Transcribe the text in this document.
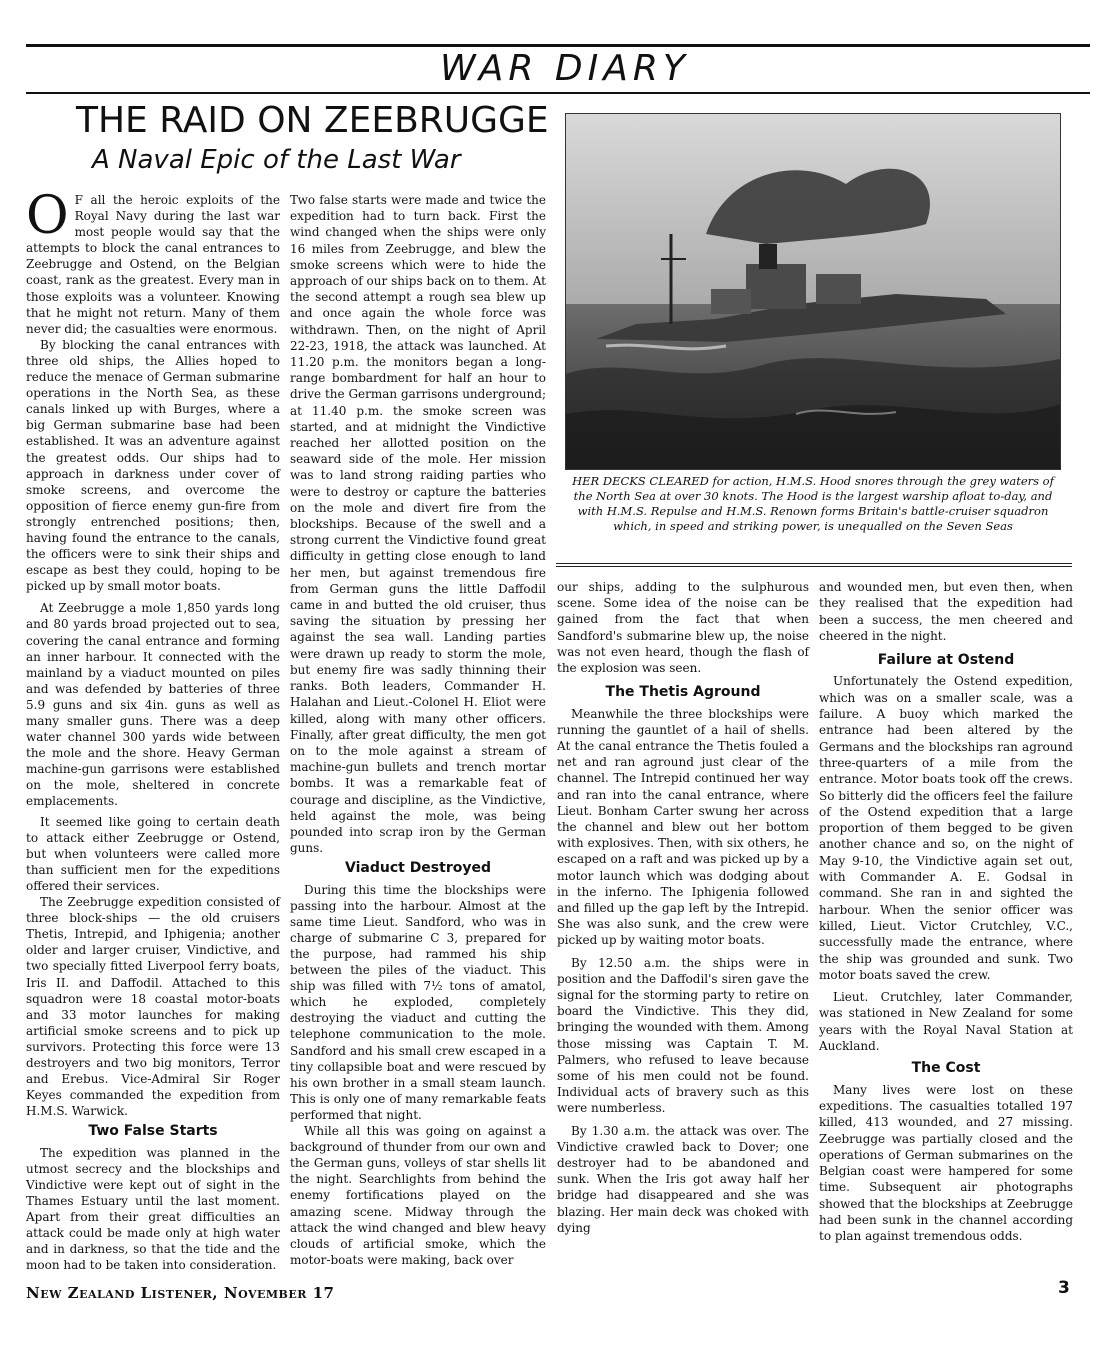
WAR DIARY
THE RAID ON ZEEBRUGGE
A Naval Epic of the Last War

O F all the heroic exploits of the Royal Navy during the last war most people would say that the attempts to block the canal entrances to Zeebrugge and Ostend, on the Belgian coast, rank as the greatest. Every man in those exploits was a volunteer. Knowing that he might not return. Many of them never did; the casualties were enormous.

By blocking the canal entrances with three old ships, the Allies hoped to reduce the menace of German submarine operations in the North Sea, as these canals linked up with Burges, where a big German submarine base had been established. It was an adventure against the greatest odds. Our ships had to approach in darkness under cover of smoke screens, and overcome the opposition of fierce enemy gun-fire from strongly entrenched positions; then, having found the entrance to the canals, the officers were to sink their ships and escape as best they could, hoping to be picked up by small motor boats.

At Zeebrugge a mole 1,850 yards long and 80 yards broad projected out to sea, covering the canal entrance and forming an inner harbour. It connected with the mainland by a viaduct mounted on piles and was defended by batteries of three 5.9 guns and six 4in. guns as well as many smaller guns. There was a deep water channel 300 yards wide between the mole and the shore. Heavy German machine-gun garrisons were established on the mole, sheltered in concrete emplacements.

It seemed like going to certain death to attack either Zeebrugge or Ostend, but when volunteers were called more than sufficient men for the expeditions offered their services.

The Zeebrugge expedition consisted of three block-ships — the old cruisers Thetis, Intrepid, and Iphigenia; another older and larger cruiser, Vindictive, and two specially fitted Liverpool ferry boats, Iris II. and Daffodil. Attached to this squadron were 18 coastal motor-boats and 33 motor launches for making artificial smoke screens and to pick up survivors. Protecting this force were 13 destroyers and two big monitors, Terror and Erebus. Vice-Admiral Sir Roger Keyes commanded the expedition from H.M.S. Warwick.

Two False Starts

The expedition was planned in the utmost secrecy and the blockships and Vindictive were kept out of sight in the Thames Estuary until the last moment. Apart from their great difficulties an attack could be made only at high water and in darkness, so that the tide and the moon had to be taken into consideration.

Two false starts were made and twice the expedition had to turn back. First the wind changed when the ships were only 16 miles from Zeebrugge, and blew the smoke screens which were to hide the approach of our ships back on to them. At the second attempt a rough sea blew up and once again the whole force was withdrawn. Then, on the night of April 22-23, 1918, the attack was launched. At 11.20 p.m. the monitors began a long-range bombardment for half an hour to drive the German garrisons underground; at 11.40 p.m. the smoke screen was started, and at midnight the Vindictive reached her allotted position on the seaward side of the mole. Her mission was to land strong raiding parties who were to destroy or capture the batteries on the mole and divert fire from the blockships. Because of the swell and a strong current the Vindictive found great difficulty in getting close enough to land her men, but against tremendous fire from German guns the little Daffodil came in and butted the old cruiser, thus saving the situation by pressing her against the sea wall. Landing parties were drawn up ready to storm the mole, but enemy fire was sadly thinning their ranks. Both leaders, Commander H. Halahan and Lieut.-Colonel H. Eliot were killed, along with many other officers. Finally, after great difficulty, the men got on to the mole against a stream of machine-gun bullets and trench mortar bombs. It was a remarkable feat of courage and discipline, as the Vindictive, held against the mole, was being pounded into scrap iron by the German guns.

Viaduct Destroyed

During this time the blockships were passing into the harbour. Almost at the same time Lieut. Sandford, who was in charge of submarine C 3, prepared for the purpose, had rammed his ship between the piles of the viaduct. This ship was filled with 7½ tons of amatol, which he exploded, completely destroying the viaduct and cutting the telephone communication to the mole. Sandford and his small crew escaped in a tiny collapsible boat and were rescued by his own brother in a small steam launch. This is only one of many remarkable feats performed that night.

While all this was going on against a background of thunder from our own and the German guns, volleys of star shells lit the night. Searchlights from behind the enemy fortifications played on the amazing scene. Midway through the attack the wind changed and blew heavy clouds of artificial smoke, which the motor-boats were making, back over

HER DECKS CLEARED for action, H.M.S. Hood snores through the grey waters of the North Sea at over 30 knots. The Hood is the largest warship afloat to-day, and with H.M.S. Repulse and H.M.S. Renown forms Britain's battle-cruiser squadron which, in speed and striking power, is unequalled on the Seven Seas

our ships, adding to the sulphurous scene. Some idea of the noise can be gained from the fact that when Sandford's submarine blew up, the noise was not even heard, though the flash of the explosion was seen.

The Thetis Aground

Meanwhile the three blockships were running the gauntlet of a hail of shells. At the canal entrance the Thetis fouled a net and ran aground just clear of the channel. The Intrepid continued her way and ran into the canal entrance, where Lieut. Bonham Carter swung her across the channel and blew out her bottom with explosives. Then, with six others, he escaped on a raft and was picked up by a motor launch which was dodging about in the inferno. The Iphigenia followed and filled up the gap left by the Intrepid. She was also sunk, and the crew were picked up by waiting motor boats.

By 12.50 a.m. the ships were in position and the Daffodil's siren gave the signal for the storming party to retire on board the Vindictive. This they did, bringing the wounded with them. Among those missing was Captain T. M. Palmers, who refused to leave because some of his men could not be found. Individual acts of bravery such as this were numberless.

By 1.30 a.m. the attack was over. The Vindictive crawled back to Dover; one destroyer had to be abandoned and sunk. When the Iris got away half her bridge had disappeared and she was blazing. Her main deck was choked with dying

and wounded men, but even then, when they realised that the expedition had been a success, the men cheered and cheered in the night.

Failure at Ostend

Unfortunately the Ostend expedition, which was on a smaller scale, was a failure. A buoy which marked the entrance had been altered by the Germans and the blockships ran aground three-quarters of a mile from the entrance. Motor boats took off the crews. So bitterly did the officers feel the failure of the Ostend expedition that a large proportion of them begged to be given another chance and so, on the night of May 9-10, the Vindictive again set out, with Commander A. E. Godsal in command. She ran in and sighted the harbour. When the senior officer was killed, Lieut. Victor Crutchley, V.C., successfully made the entrance, where the ship was grounded and sunk. Two motor boats saved the crew.

Lieut. Crutchley, later Commander, was stationed in New Zealand for some years with the Royal Naval Station at Auckland.

The Cost

Many lives were lost on these expeditions. The casualties totalled 197 killed, 413 wounded, and 27 missing. Zeebrugge was partially closed and the operations of German submarines on the Belgian coast were hampered for some time. Subsequent air photographs showed that the blockships at Zeebrugge had been sunk in the channel according to plan against tremendous odds.

New Zealand Listener, November 17	3
